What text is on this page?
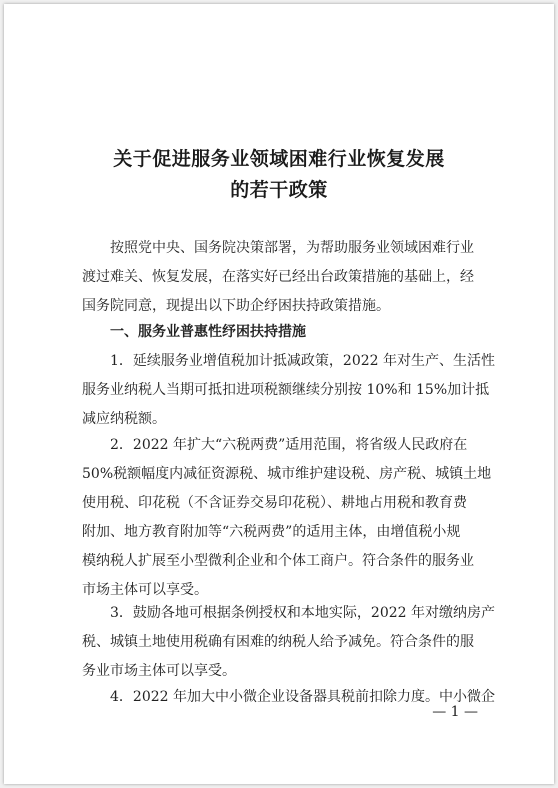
关于促进服务业领域困难行业恢复发展
的若干政策
按照党中央、国务院决策部署，为帮助服务业领域困难行业
渡过难关、恢复发展，在落实好已经出台政策措施的基础上，经
国务院同意，现提出以下助企纾困扶持政策措施。
一、服务业普惠性纾困扶持措施
1．延续服务业增值税加计抵减政策，2022 年对生产、生活性
服务业纳税人当期可抵扣进项税额继续分别按 10%和 15%加计抵
减应纳税额。
2．2022 年扩大“六税两费”适用范围，将省级人民政府在
50%税额幅度内减征资源税、城市维护建设税、房产税、城镇土地
使用税、印花税（不含证券交易印花税）、耕地占用税和教育费
附加、地方教育附加等“六税两费”的适用主体，由增值税小规
模纳税人扩展至小型微利企业和个体工商户。符合条件的服务业
市场主体可以享受。
3．鼓励各地可根据条例授权和本地实际，2022 年对缴纳房产
税、城镇土地使用税确有困难的纳税人给予减免。符合条件的服
务业市场主体可以享受。
4．2022 年加大中小微企业设备器具税前扣除力度。中小微企
— 1 —
